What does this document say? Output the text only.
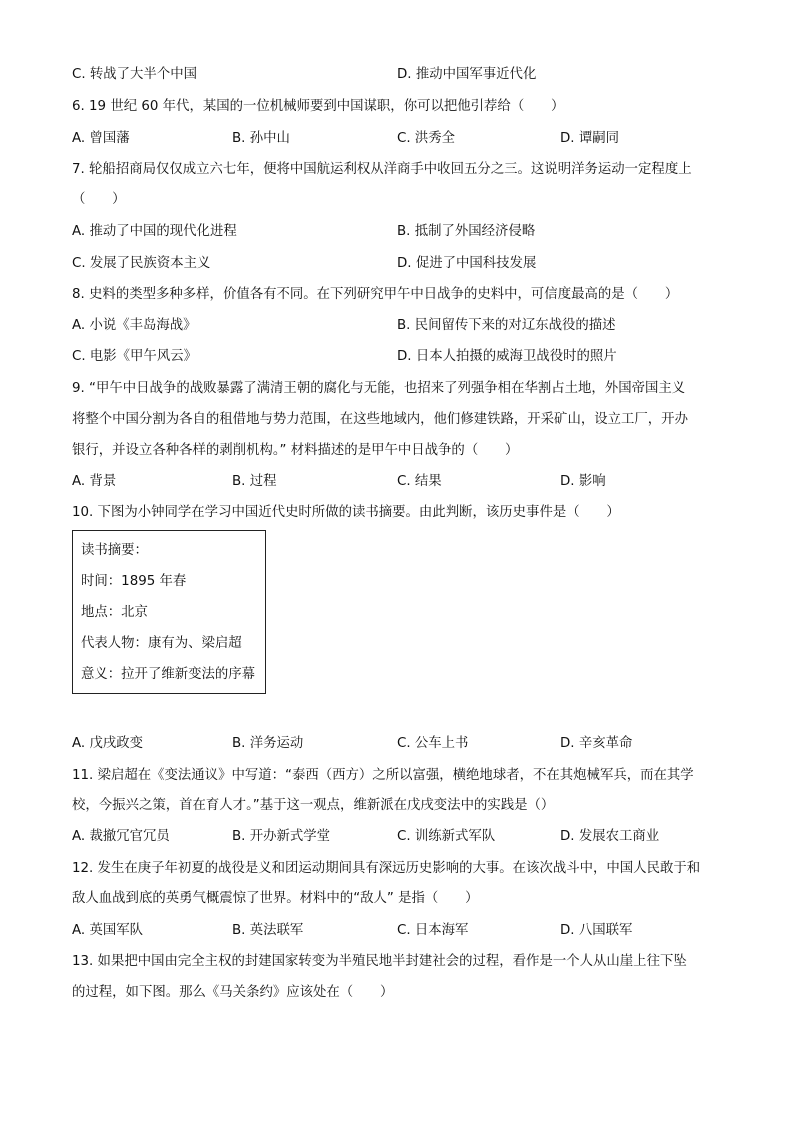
C. 转战了大半个中国	D. 推动中国军事近代化
6. 19 世纪 60 年代，某国的一位机械师要到中国谋职，你可以把他引荐给（　　）
A. 曾国藩	B. 孙中山	C. 洪秀全	D. 谭嗣同
7. 轮船招商局仅仅成立六七年，便将中国航运利权从洋商手中收回五分之三。这说明洋务运动一定程度上
（　　）
A. 推动了中国的现代化进程	B. 抵制了外国经济侵略
C. 发展了民族资本主义	D. 促进了中国科技发展
8. 史料的类型多种多样，价值各有不同。在下列研究甲午中日战争的史料中，可信度最高的是（　　）
A. 小说《丰岛海战》	B. 民间留传下来的对辽东战役的描述
C. 电影《甲午风云》	D. 日本人拍摄的威海卫战役时的照片
9. “甲午中日战争的战败暴露了满清王朝的腐化与无能，也招来了列强争相在华割占土地，外国帝国主义
将整个中国分割为各自的租借地与势力范围，在这些地域内，他们修建铁路，开采矿山，设立工厂，开办
银行，并设立各种各样的剥削机构。” 材料描述的是甲午中日战争的（　　）
A. 背景	B. 过程	C. 结果	D. 影响
10. 下图为小钟同学在学习中国近代史时所做的读书摘要。由此判断，该历史事件是（　　）
读书摘要：
时间：1895 年春
地点：北京
代表人物：康有为、梁启超
意义：拉开了维新变法的序幕
A. 戊戌政变	B. 洋务运动	C. 公车上书	D. 辛亥革命
11. 梁启超在《变法通议》中写道：“泰西（西方）之所以富强，横绝地球者，不在其炮械军兵，而在其学
校，今振兴之策，首在育人才。”基于这一观点，维新派在戊戌变法中的实践是（）
A. 裁撤冗官冗员	B. 开办新式学堂	C. 训练新式军队	D. 发展农工商业
12. 发生在庚子年初夏的战役是义和团运动期间具有深远历史影响的大事。在该次战斗中，中国人民敢于和
敌人血战到底的英勇气概震惊了世界。材料中的“敌人” 是指（　　）
A. 英国军队	B. 英法联军	C. 日本海军	D. 八国联军
13. 如果把中国由完全主权的封建国家转变为半殖民地半封建社会的过程，看作是一个人从山崖上往下坠
的过程，如下图。那么《马关条约》应该处在（　　）
